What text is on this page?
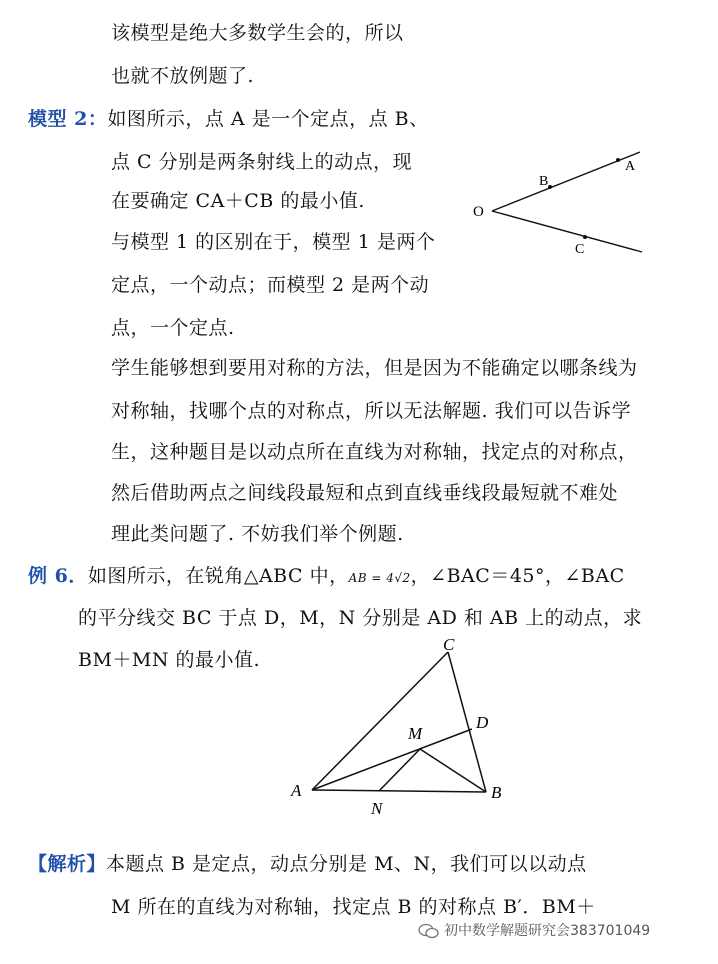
该模型是绝大多数学生会的，所以
也就不放例题了.
模型 2：如图所示，点 A 是一个定点，点 B、
点 C 分别是两条射线上的动点，现
在要确定 CA＋CB 的最小值.
与模型 1 的区别在于，模型 1 是两个
定点，一个动点；而模型 2 是两个动
点，一个定点.
学生能够想到要用对称的方法，但是因为不能确定以哪条线为
对称轴，找哪个点的对称点，所以无法解题. 我们可以告诉学
生，这种题目是以动点所在直线为对称轴，找定点的对称点，
然后借助两点之间线段最短和点到直线垂线段最短就不难处
理此类问题了. 不妨我们举个例题.
O
A
B
C
例 6．如图所示，在锐角△ABC 中，AB = 4√2，∠BAC＝45°，∠BAC
的平分线交 BC 于点 D，M，N 分别是 AD 和 AB 上的动点，求
BM＋MN 的最小值.
A	B
C
D
M
N
【解析】本题点 B 是定点，动点分别是 M、N，我们可以以动点
M 所在的直线为对称轴，找定点 B 的对称点 B′．BM＋
初中数学解题研究会383701049
